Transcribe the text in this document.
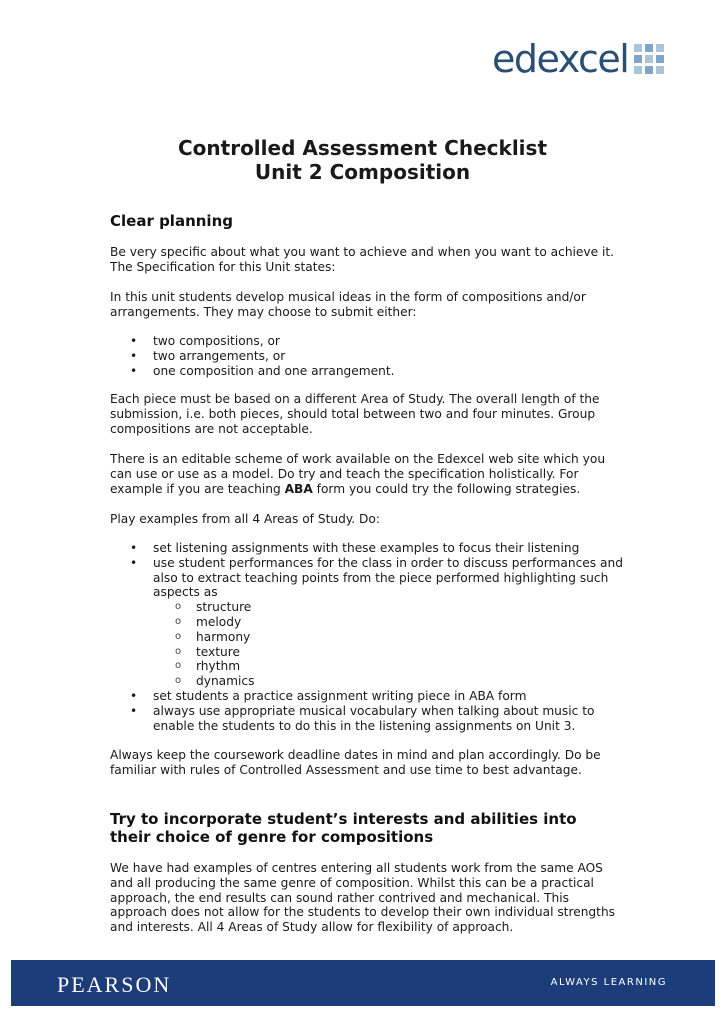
edexcel
Controlled Assessment Checklist
Unit 2 Composition
Clear planning
Be very specific about what you want to achieve and when you want to achieve it. The Specification for this Unit states:
In this unit students develop musical ideas in the form of compositions and/or arrangements. They may choose to submit either:
• two compositions, or
• two arrangements, or
• one composition and one arrangement.
Each piece must be based on a different Area of Study. The overall length of the submission, i.e. both pieces, should total between two and four minutes. Group compositions are not acceptable.
There is an editable scheme of work available on the Edexcel web site which you can use or use as a model. Do try and teach the specification holistically. For example if you are teaching ABA form you could try the following strategies.
Play examples from all 4 Areas of Study. Do:
• set listening assignments with these examples to focus their listening
• use student performances for the class in order to discuss performances and also to extract teaching points from the piece performed highlighting such aspects as
o structure
o melody
o harmony
o texture
o rhythm
o dynamics
• set students a practice assignment writing piece in ABA form
• always use appropriate musical vocabulary when talking about music to enable the students to do this in the listening assignments on Unit 3.
Always keep the coursework deadline dates in mind and plan accordingly. Do be familiar with rules of Controlled Assessment and use time to best advantage.
Try to incorporate student’s interests and abilities into their choice of genre for compositions
We have had examples of centres entering all students work from the same AOS and all producing the same genre of composition. Whilst this can be a practical approach, the end results can sound rather contrived and mechanical. This approach does not allow for the students to develop their own individual strengths and interests. All 4 Areas of Study allow for flexibility of approach.
PEARSON	ALWAYS LEARNING
